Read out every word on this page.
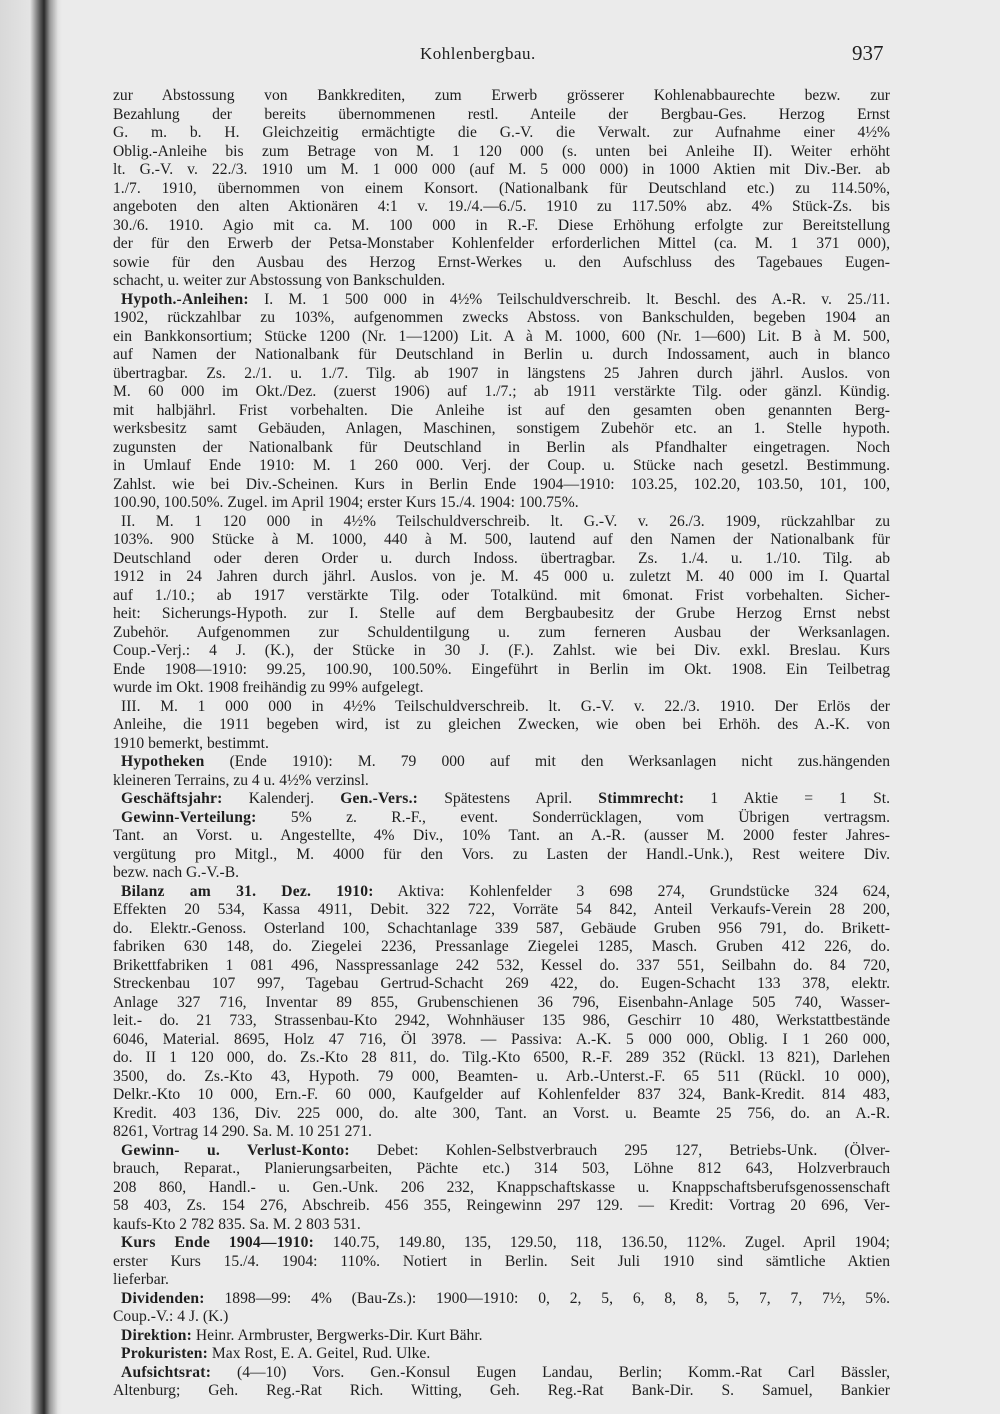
Kohlenbergbau.	937
zur Abstossung von Bankkrediten, zum Erwerb grösserer Kohlenabbaurechte bezw. zur
Bezahlung der bereits übernommenen restl. Anteile der Bergbau-Ges. Herzog Ernst
G. m. b. H. Gleichzeitig ermächtigte die G.-V. die Verwalt. zur Aufnahme einer 4½%
Oblig.-Anleihe bis zum Betrage von M. 1 120 000 (s. unten bei Anleihe II). Weiter erhöht
lt. G.-V. v. 22./3. 1910 um M. 1 000 000 (auf M. 5 000 000) in 1000 Aktien mit Div.-Ber. ab
1./7. 1910, übernommen von einem Konsort. (Nationalbank für Deutschland etc.) zu 114.50%,
angeboten den alten Aktionären 4:1 v. 19./4.—6./5. 1910 zu 117.50% abz. 4% Stück-Zs. bis
30./6. 1910. Agio mit ca. M. 100 000 in R.-F. Diese Erhöhung erfolgte zur Bereitstellung
der für den Erwerb der Petsa-Monstaber Kohlenfelder erforderlichen Mittel (ca. M. 1 371 000),
sowie für den Ausbau des Herzog Ernst-Werkes u. den Aufschluss des Tagebaues Eugen-
schacht, u. weiter zur Abstossung von Bankschulden.
Hypoth.-Anleihen: I. M. 1 500 000 in 4½% Teilschuldverschreib. lt. Beschl. des A.-R. v. 25./11.
1902, rückzahlbar zu 103%, aufgenommen zwecks Abstoss. von Bankschulden, begeben 1904 an
ein Bankkonsortium; Stücke 1200 (Nr. 1—1200) Lit. A à M. 1000, 600 (Nr. 1—600) Lit. B à M. 500,
auf Namen der Nationalbank für Deutschland in Berlin u. durch Indossament, auch in blanco
übertragbar. Zs. 2./1. u. 1./7. Tilg. ab 1907 in längstens 25 Jahren durch jährl. Auslos. von
M. 60 000 im Okt./Dez. (zuerst 1906) auf 1./7.; ab 1911 verstärkte Tilg. oder gänzl. Kündig.
mit halbjährl. Frist vorbehalten. Die Anleihe ist auf den gesamten oben genannten Berg-
werksbesitz samt Gebäuden, Anlagen, Maschinen, sonstigem Zubehör etc. an 1. Stelle hypoth.
zugunsten der Nationalbank für Deutschland in Berlin als Pfandhalter eingetragen. Noch
in Umlauf Ende 1910: M. 1 260 000. Verj. der Coup. u. Stücke nach gesetzl. Bestimmung.
Zahlst. wie bei Div.-Scheinen. Kurs in Berlin Ende 1904—1910: 103.25, 102.20, 103.50, 101, 100,
100.90, 100.50%. Zugel. im April 1904; erster Kurs 15./4. 1904: 100.75%.
II. M. 1 120 000 in 4½% Teilschuldverschreib. lt. G.-V. v. 26./3. 1909, rückzahlbar zu
103%. 900 Stücke à M. 1000, 440 à M. 500, lautend auf den Namen der Nationalbank für
Deutschland oder deren Order u. durch Indoss. übertragbar. Zs. 1./4. u. 1./10. Tilg. ab
1912 in 24 Jahren durch jährl. Auslos. von je. M. 45 000 u. zuletzt M. 40 000 im I. Quartal
auf 1./10.; ab 1917 verstärkte Tilg. oder Totalkünd. mit 6monat. Frist vorbehalten. Sicher-
heit: Sicherungs-Hypoth. zur I. Stelle auf dem Bergbaubesitz der Grube Herzog Ernst nebst
Zubehör. Aufgenommen zur Schuldentilgung u. zum ferneren Ausbau der Werksanlagen.
Coup.-Verj.: 4 J. (K.), der Stücke in 30 J. (F.). Zahlst. wie bei Div. exkl. Breslau. Kurs
Ende 1908—1910: 99.25, 100.90, 100.50%. Eingeführt in Berlin im Okt. 1908. Ein Teilbetrag
wurde im Okt. 1908 freihändig zu 99% aufgelegt.
III. M. 1 000 000 in 4½% Teilschuldverschreib. lt. G.-V. v. 22./3. 1910. Der Erlös der
Anleihe, die 1911 begeben wird, ist zu gleichen Zwecken, wie oben bei Erhöh. des A.-K. von
1910 bemerkt, bestimmt.
Hypotheken (Ende 1910): M. 79 000 auf mit den Werksanlagen nicht zus.hängenden
kleineren Terrains, zu 4 u. 4½% verzinsl.
Geschäftsjahr: Kalenderj. Gen.-Vers.: Spätestens April. Stimmrecht: 1 Aktie = 1 St.
Gewinn-Verteilung: 5% z. R.-F., event. Sonderrücklagen, vom Übrigen vertragsm.
Tant. an Vorst. u. Angestellte, 4% Div., 10% Tant. an A.-R. (ausser M. 2000 fester Jahres-
vergütung pro Mitgl., M. 4000 für den Vors. zu Lasten der Handl.-Unk.), Rest weitere Div.
bezw. nach G.-V.-B.
Bilanz am 31. Dez. 1910: Aktiva: Kohlenfelder 3 698 274, Grundstücke 324 624,
Effekten 20 534, Kassa 4911, Debit. 322 722, Vorräte 54 842, Anteil Verkaufs-Verein 28 200,
do. Elektr.-Genoss. Osterland 100, Schachtanlage 339 587, Gebäude Gruben 956 791, do. Brikett-
fabriken 630 148, do. Ziegelei 2236, Pressanlage Ziegelei 1285, Masch. Gruben 412 226, do.
Brikettfabriken 1 081 496, Nasspressanlage 242 532, Kessel do. 337 551, Seilbahn do. 84 720,
Streckenbau 107 997, Tagebau Gertrud-Schacht 269 422, do. Eugen-Schacht 133 378, elektr.
Anlage 327 716, Inventar 89 855, Grubenschienen 36 796, Eisenbahn-Anlage 505 740, Wasser-
leit.- do. 21 733, Strassenbau-Kto 2942, Wohnhäuser 135 986, Geschirr 10 480, Werkstattbestände
6046, Material. 8695, Holz 47 716, Öl 3978. — Passiva: A.-K. 5 000 000, Oblig. I 1 260 000,
do. II 1 120 000, do. Zs.-Kto 28 811, do. Tilg.-Kto 6500, R.-F. 289 352 (Rückl. 13 821), Darlehen
3500, do. Zs.-Kto 43, Hypoth. 79 000, Beamten- u. Arb.-Unterst.-F. 65 511 (Rückl. 10 000),
Delkr.-Kto 10 000, Ern.-F. 60 000, Kaufgelder auf Kohlenfelder 837 324, Bank-Kredit. 814 483,
Kredit. 403 136, Div. 225 000, do. alte 300, Tant. an Vorst. u. Beamte 25 756, do. an A.-R.
8261, Vortrag 14 290. Sa. M. 10 251 271.
Gewinn- u. Verlust-Konto: Debet: Kohlen-Selbstverbrauch 295 127, Betriebs-Unk. (Ölver-
brauch, Reparat., Planierungsarbeiten, Pächte etc.) 314 503, Löhne 812 643, Holzverbrauch
208 860, Handl.- u. Gen.-Unk. 206 232, Knappschaftskasse u. Knappschaftsberufsgenossenschaft
58 403, Zs. 154 276, Abschreib. 456 355, Reingewinn 297 129. — Kredit: Vortrag 20 696, Ver-
kaufs-Kto 2 782 835. Sa. M. 2 803 531.
Kurs Ende 1904—1910: 140.75, 149.80, 135, 129.50, 118, 136.50, 112%. Zugel. April 1904;
erster Kurs 15./4. 1904: 110%. Notiert in Berlin. Seit Juli 1910 sind sämtliche Aktien
lieferbar.
Dividenden: 1898—99: 4% (Bau-Zs.): 1900—1910: 0, 2, 5, 6, 8, 8, 5, 7, 7, 7½, 5%.
Coup.-V.: 4 J. (K.)
Direktion: Heinr. Armbruster, Bergwerks-Dir. Kurt Bähr.
Prokuristen: Max Rost, E. A. Geitel, Rud. Ulke.
Aufsichtsrat: (4—10) Vors. Gen.-Konsul Eugen Landau, Berlin; Komm.-Rat Carl Bässler,
Altenburg; Geh. Reg.-Rat Rich. Witting, Geh. Reg.-Rat Bank-Dir. S. Samuel, Bankier
